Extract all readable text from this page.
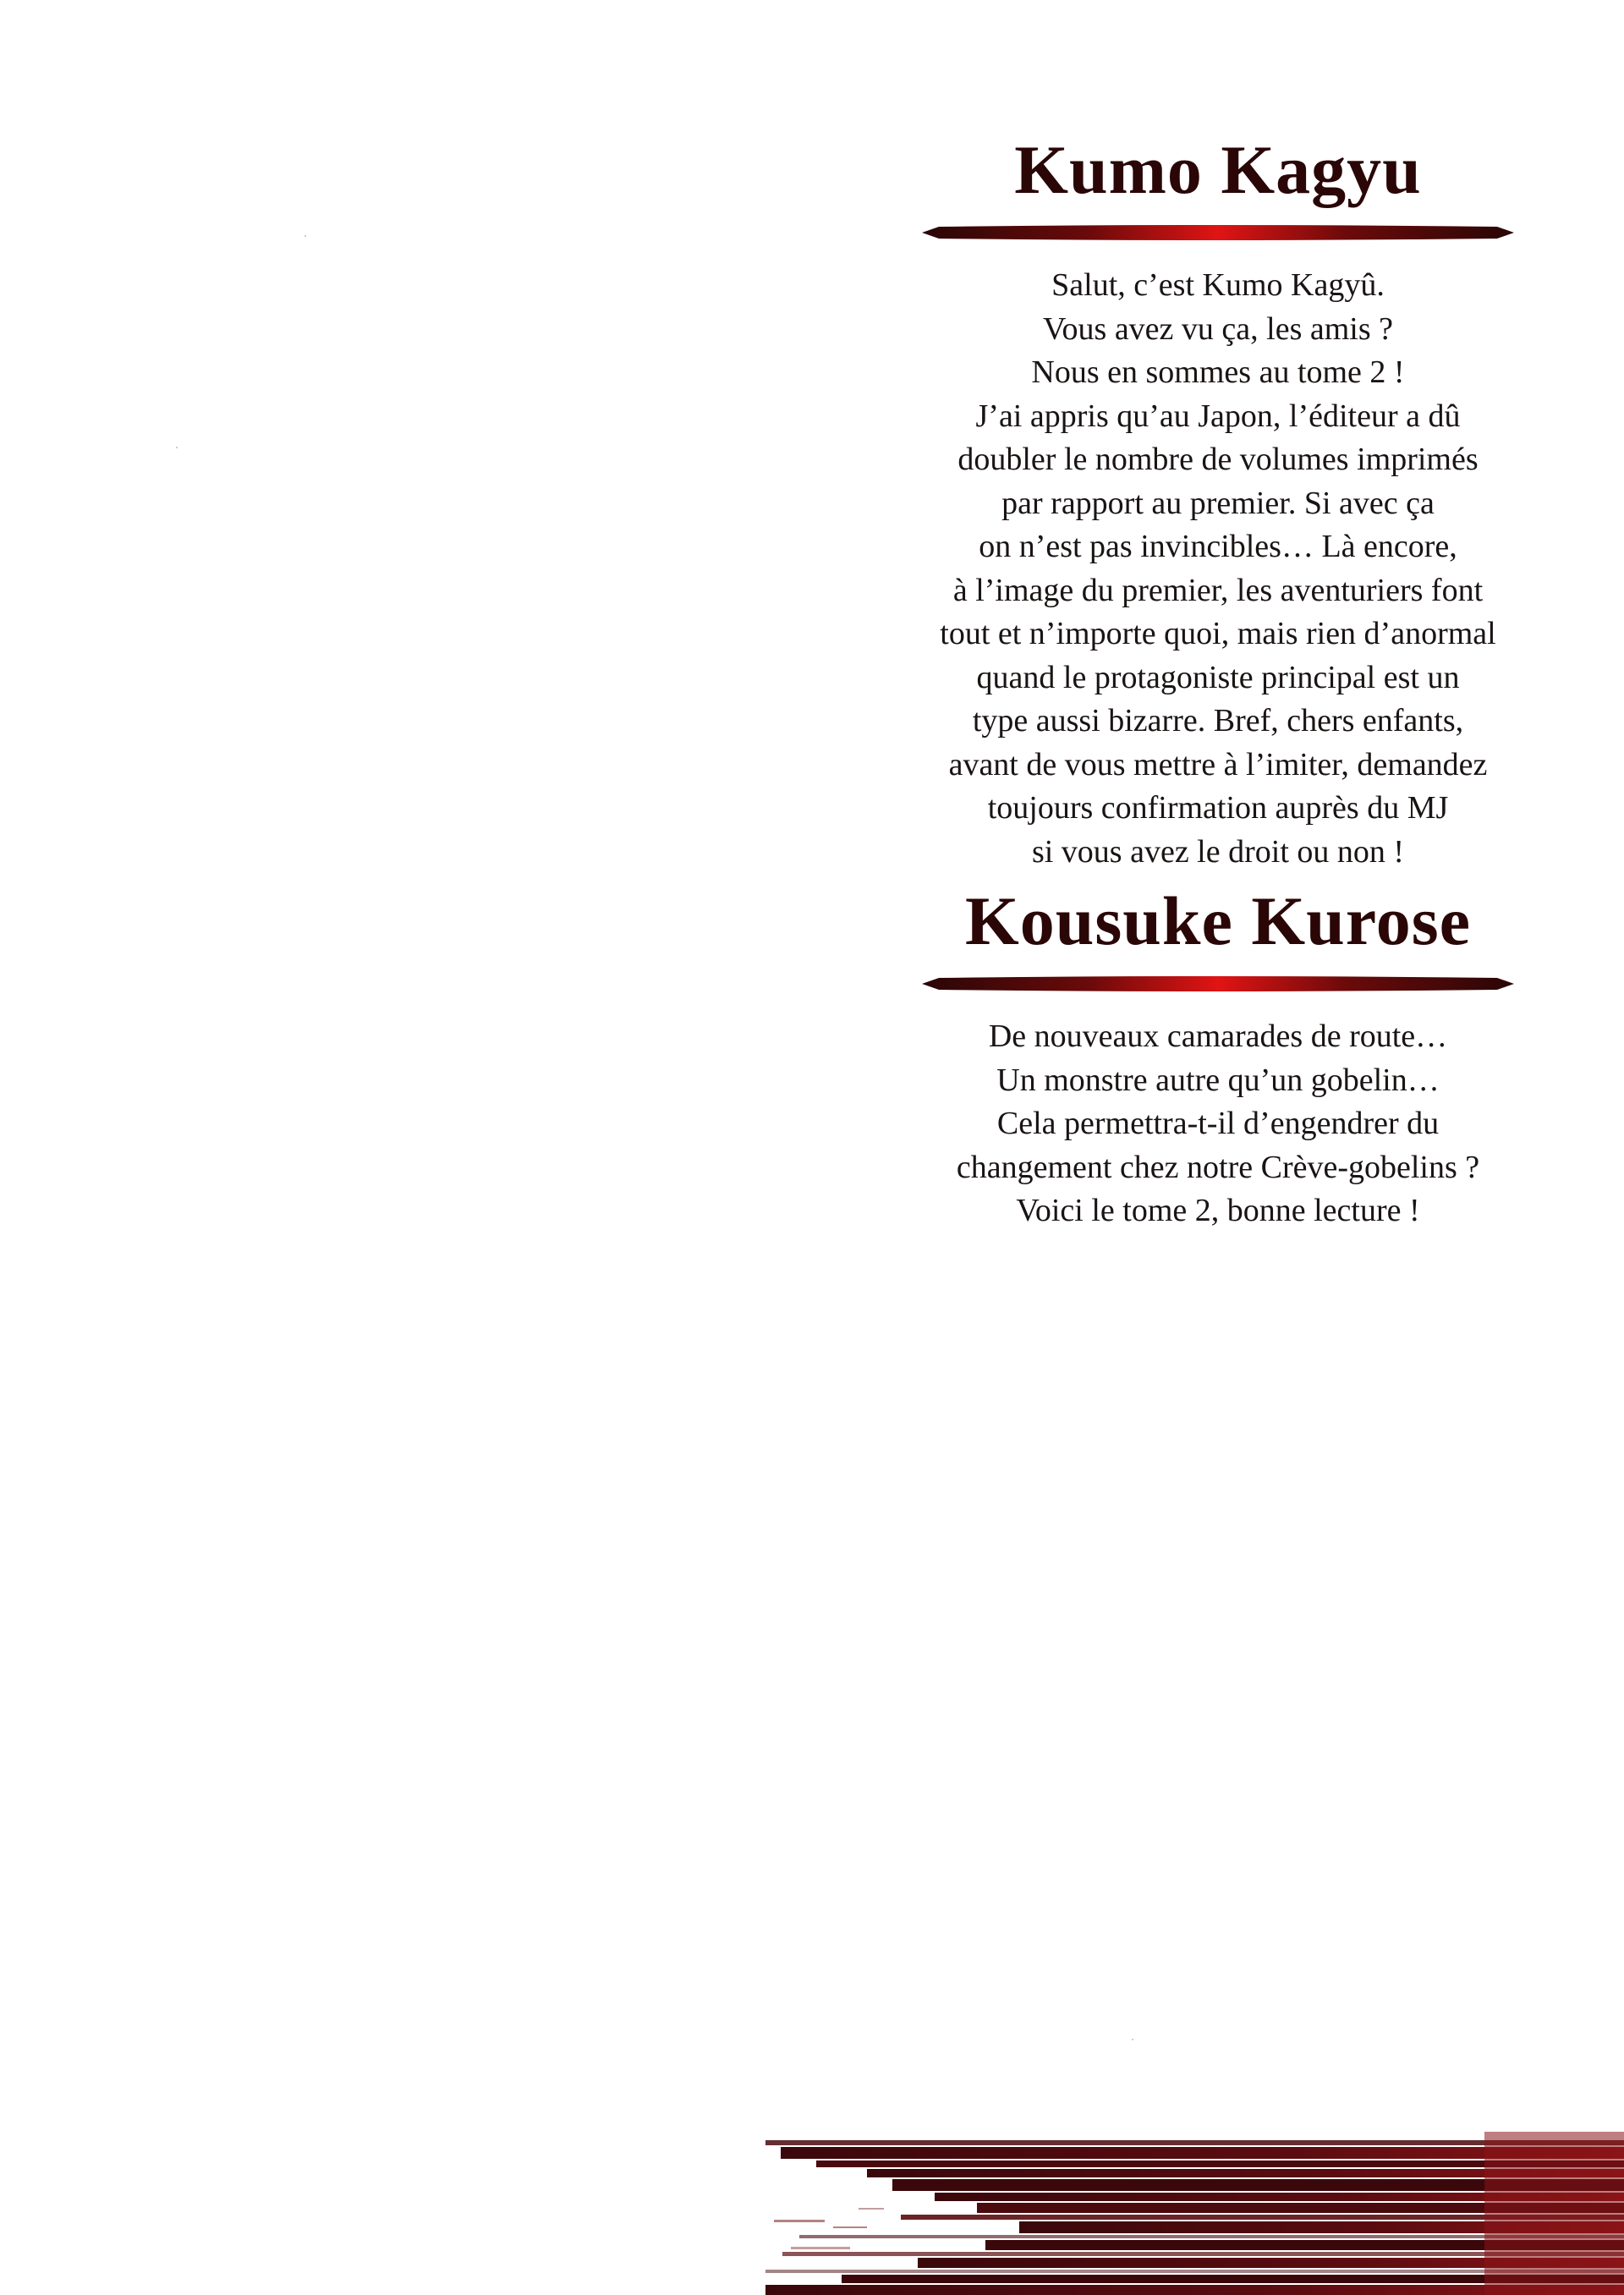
Kumo Kagyu
Salut, c’est Kumo Kagyû.
Vous avez vu ça, les amis ?
Nous en sommes au tome 2 !
J’ai appris qu’au Japon, l’éditeur a dû
doubler le nombre de volumes imprimés
par rapport au premier. Si avec ça
on n’est pas invincibles… Là encore,
à l’image du premier, les aventuriers font
tout et n’importe quoi, mais rien d’anormal
quand le protagoniste principal est un
type aussi bizarre. Bref, chers enfants,
avant de vous mettre à l’imiter, demandez
toujours confirmation auprès du MJ
si vous avez le droit ou non !
Kousuke Kurose
De nouveaux camarades de route…
Un monstre autre qu’un gobelin…
Cela permettra-t-il d’engendrer du
changement chez notre Crève-gobelins ?
Voici le tome 2, bonne lecture !
